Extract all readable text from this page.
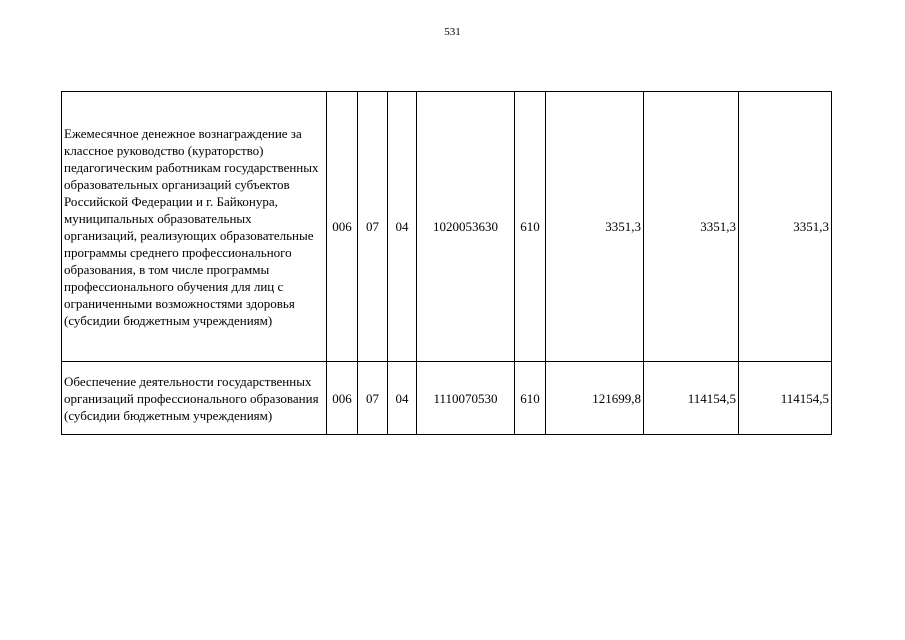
531
Ежемесячное денежное вознаграждение за классное руководство (кураторство) педагогическим работникам государственных образовательных организаций субъектов Российской Федерации и г. Байконура, муниципальных образовательных организаций, реализующих образовательные программы среднего профессионального образования, в том числе программы профессионального обучения для лиц с ограниченными возможностями здоровья (субсидии бюджетным учреждениям)	006	07	04	1020053630	610	3351,3	3351,3	3351,3
Обеспечение деятельности государственных организаций профессионального образования (субсидии бюджетным учреждениям)	006	07	04	1110070530	610	121699,8	114154,5	114154,5
